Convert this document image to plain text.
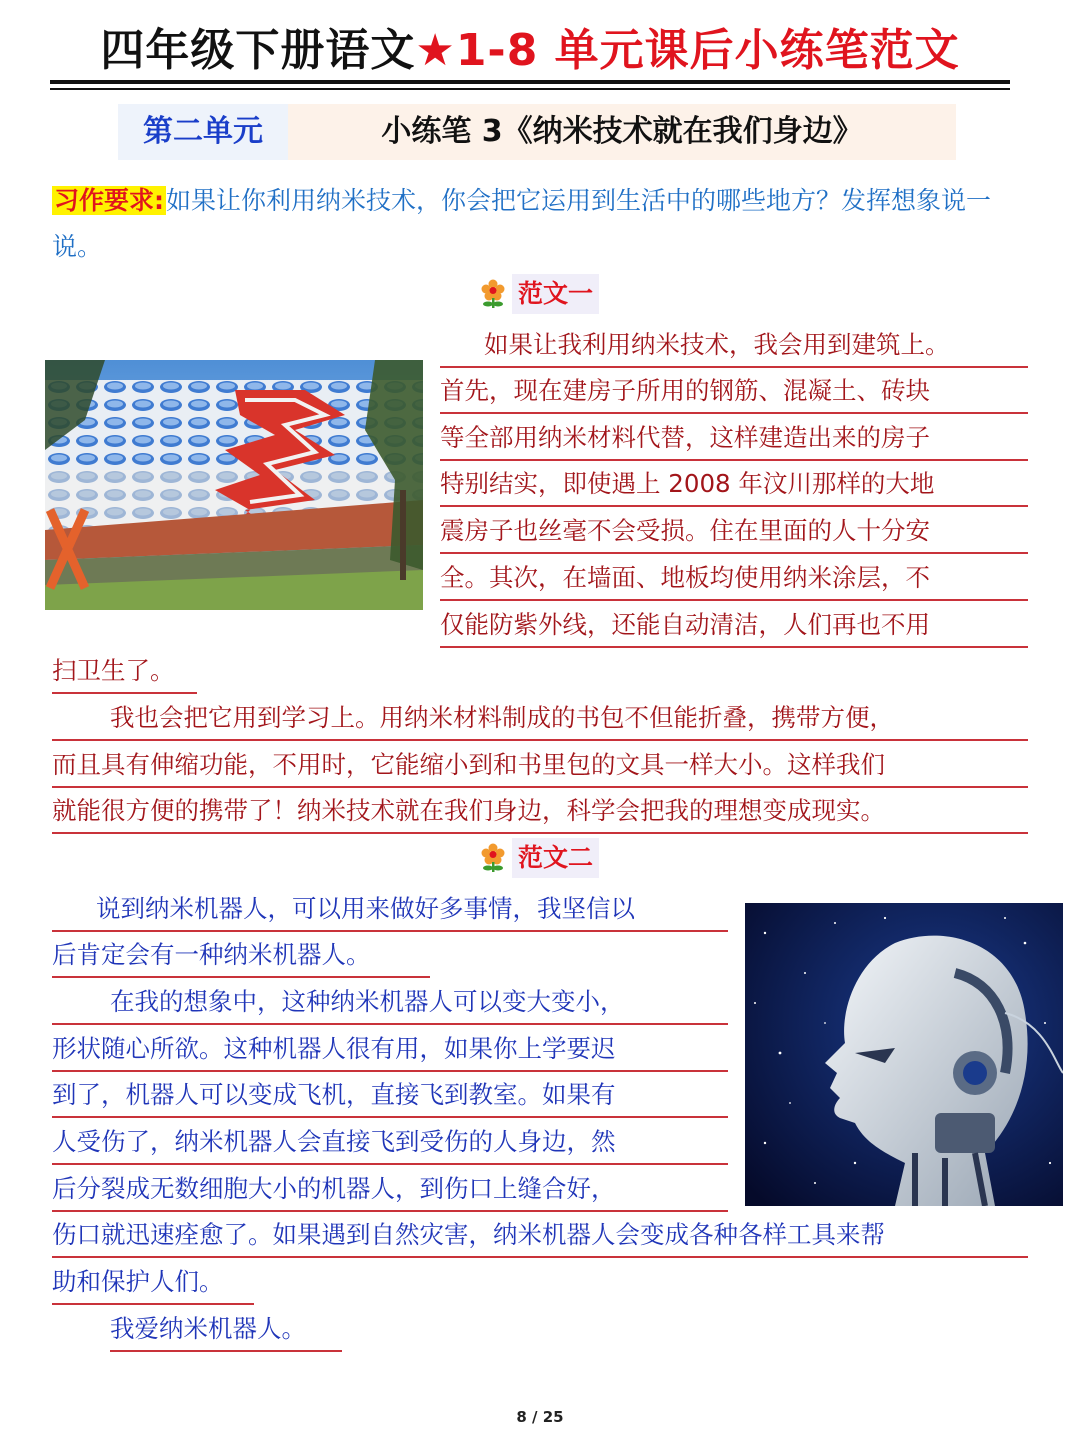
四年级下册语文★1-8 单元课后小练笔范文
第二单元	小练笔 3《纳米技术就在我们身边》
习作要求:如果让你利用纳米技术，你会把它运用到生活中的哪些地方？发挥想象说一说。
范文一
如果让我利用纳米技术，我会用到建筑上。
首先，现在建房子所用的钢筋、混凝土、砖块
等全部用纳米材料代替，这样建造出来的房子
特别结实，即使遇上 2008 年汶川那样的大地
震房子也丝毫不会受损。住在里面的人十分安
全。其次，在墙面、地板均使用纳米涂层，不
仅能防紫外线，还能自动清洁，人们再也不用
扫卫生了。
我也会把它用到学习上。用纳米材料制成的书包不但能折叠，携带方便，
而且具有伸缩功能，不用时，它能缩小到和书里包的文具一样大小。这样我们
就能很方便的携带了！纳米技术就在我们身边，科学会把我的理想变成现实。
范文二
说到纳米机器人，可以用来做好多事情，我坚信以
后肯定会有一种纳米机器人。
在我的想象中，这种纳米机器人可以变大变小，
形状随心所欲。这种机器人很有用，如果你上学要迟
到了，机器人可以变成飞机，直接飞到教室。如果有
人受伤了，纳米机器人会直接飞到受伤的人身边，然
后分裂成无数细胞大小的机器人，到伤口上缝合好，
伤口就迅速痊愈了。如果遇到自然灾害，纳米机器人会变成各种各样工具来帮
助和保护人们。
我爱纳米机器人。
8 / 25
